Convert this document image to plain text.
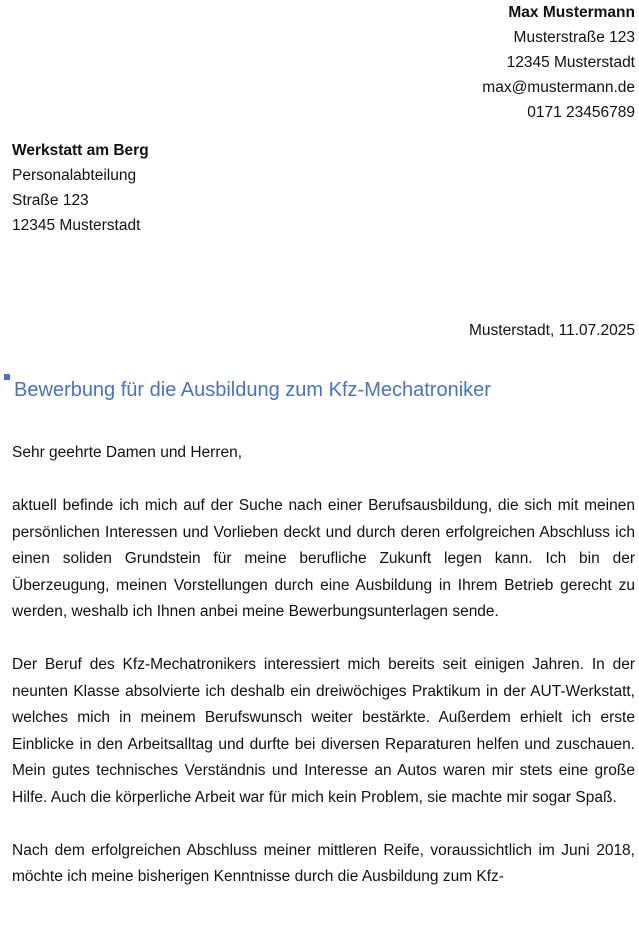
Max Mustermann
Musterstraße 123
12345 Musterstadt
max@mustermann.de
0171 23456789
Werkstatt am Berg
Personalabteilung
Straße 123
12345 Musterstadt
Musterstadt, 11.07.2025
Bewerbung für die Ausbildung zum Kfz-Mechatroniker

Sehr geehrte Damen und Herren,

aktuell befinde ich mich auf der Suche nach einer Berufsausbildung, die sich mit meinen persönlichen Interessen und Vorlieben deckt und durch deren erfolgreichen Abschluss ich einen soliden Grundstein für meine berufliche Zukunft legen kann. Ich bin der Überzeugung, meinen Vorstellungen durch eine Ausbildung in Ihrem Betrieb gerecht zu werden, weshalb ich Ihnen anbei meine Bewerbungsunterlagen sende.

Der Beruf des Kfz-Mechatronikers interessiert mich bereits seit einigen Jahren. In der neunten Klasse absolvierte ich deshalb ein dreiwöchiges Praktikum in der AUT-Werkstatt, welches mich in meinem Berufswunsch weiter bestärkte. Außerdem erhielt ich erste Einblicke in den Arbeitsalltag und durfte bei diversen Reparaturen helfen und zuschauen. Mein gutes technisches Verständnis und Interesse an Autos waren mir stets eine große Hilfe. Auch die körperliche Arbeit war für mich kein Problem, sie machte mir sogar Spaß.

Nach dem erfolgreichen Abschluss meiner mittleren Reife, voraussichtlich im Juni 2018, möchte ich meine bisherigen Kenntnisse durch die Ausbildung zum Kfz-
